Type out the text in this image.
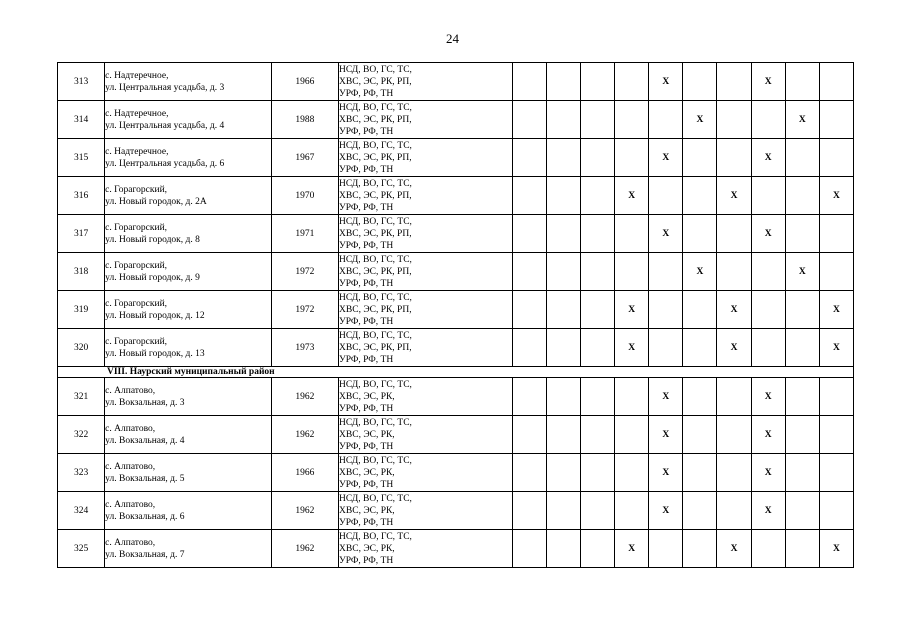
24
313	с. Надтеречное,
ул. Центральная усадьба, д. 3	1966	НСД, ВО, ГС, ТС,
ХВС, ЭС, РК, РП,
УРФ, РФ, ТН					X			X		
314	с. Надтеречное,
ул. Центральная усадьба, д. 4	1988	НСД, ВО, ГС, ТС,
ХВС, ЭС, РК, РП,
УРФ, РФ, ТН						X			X	
315	с. Надтеречное,
ул. Центральная усадьба, д. 6	1967	НСД, ВО, ГС, ТС,
ХВС, ЭС, РК, РП,
УРФ, РФ, ТН					X			X		
316	с. Горагорский,
ул. Новый городок, д. 2А	1970	НСД, ВО, ГС, ТС,
ХВС, ЭС, РК, РП,
УРФ, РФ, ТН				X			X			X
317	с. Горагорский,
ул. Новый городок, д. 8	1971	НСД, ВО, ГС, ТС,
ХВС, ЭС, РК, РП,
УРФ, РФ, ТН					X			X		
318	с. Горагорский,
ул. Новый городок, д. 9	1972	НСД, ВО, ГС, ТС,
ХВС, ЭС, РК, РП,
УРФ, РФ, ТН						X			X	
319	с. Горагорский,
ул. Новый городок, д. 12	1972	НСД, ВО, ГС, ТС,
ХВС, ЭС, РК, РП,
УРФ, РФ, ТН				X			X			X
320	с. Горагорский,
ул. Новый городок, д. 13	1973	НСД, ВО, ГС, ТС,
ХВС, ЭС, РК, РП,
УРФ, РФ, ТН				X			X			X
VIII. Наурский муниципальный район													
321	с. Алпатово,
ул. Вокзальная, д. 3	1962	НСД, ВО, ГС, ТС,
ХВС, ЭС, РК,
УРФ, РФ, ТН					X			X		
322	с. Алпатово,
ул. Вокзальная, д. 4	1962	НСД, ВО, ГС, ТС,
ХВС, ЭС, РК,
УРФ, РФ, ТН					X			X		
323	с. Алпатово,
ул. Вокзальная, д. 5	1966	НСД, ВО, ГС, ТС,
ХВС, ЭС, РК,
УРФ, РФ, ТН					X			X		
324	с. Алпатово,
ул. Вокзальная, д. 6	1962	НСД, ВО, ГС, ТС,
ХВС, ЭС, РК,
УРФ, РФ, ТН					X			X		
325	с. Алпатово,
ул. Вокзальная, д. 7	1962	НСД, ВО, ГС, ТС,
ХВС, ЭС, РК,
УРФ, РФ, ТН				X			X			X
